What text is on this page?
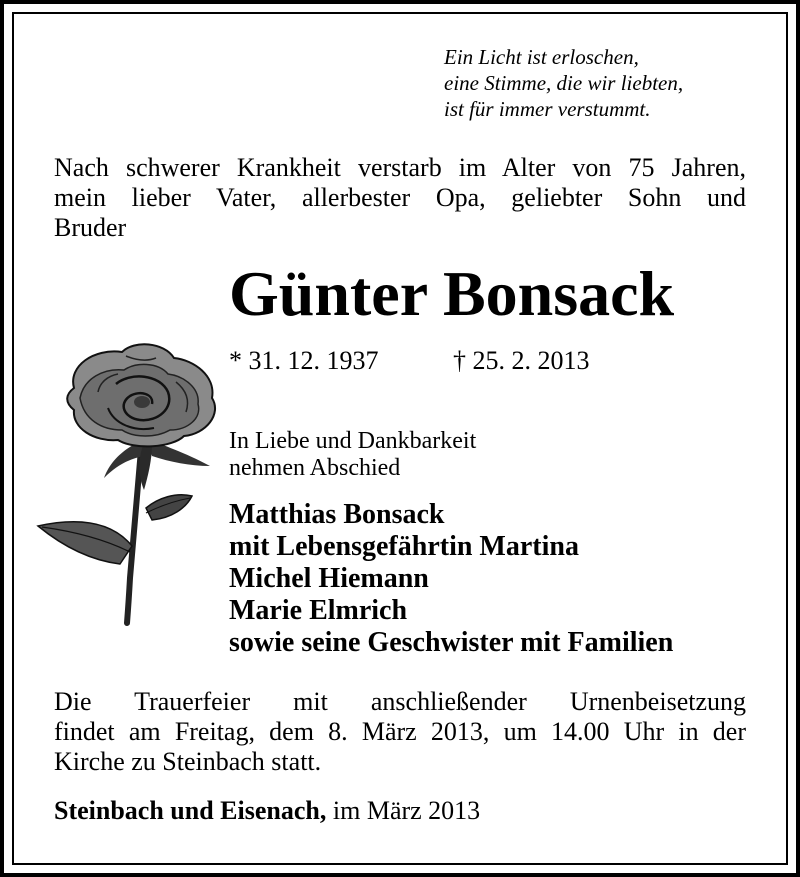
Ein Licht ist erloschen,
eine Stimme, die wir liebten,
ist für immer verstummt.
Nach schwerer Krankheit verstarb im Alter von 75 Jahren,
mein lieber Vater, allerbester Opa, geliebter Sohn und
Bruder
Günter Bonsack
* 31. 12. 1937	† 25. 2. 2013
In Liebe und Dankbarkeit
nehmen Abschied
Matthias Bonsack
mit Lebensgefährtin Martina
Michel Hiemann
Marie Elmrich
sowie seine Geschwister mit Familien
Die Trauerfeier mit anschließender Urnenbeisetzung
findet am Freitag, dem 8. März 2013, um 14.00 Uhr in der
Kirche zu Steinbach statt.
Steinbach und Eisenach, im März 2013
